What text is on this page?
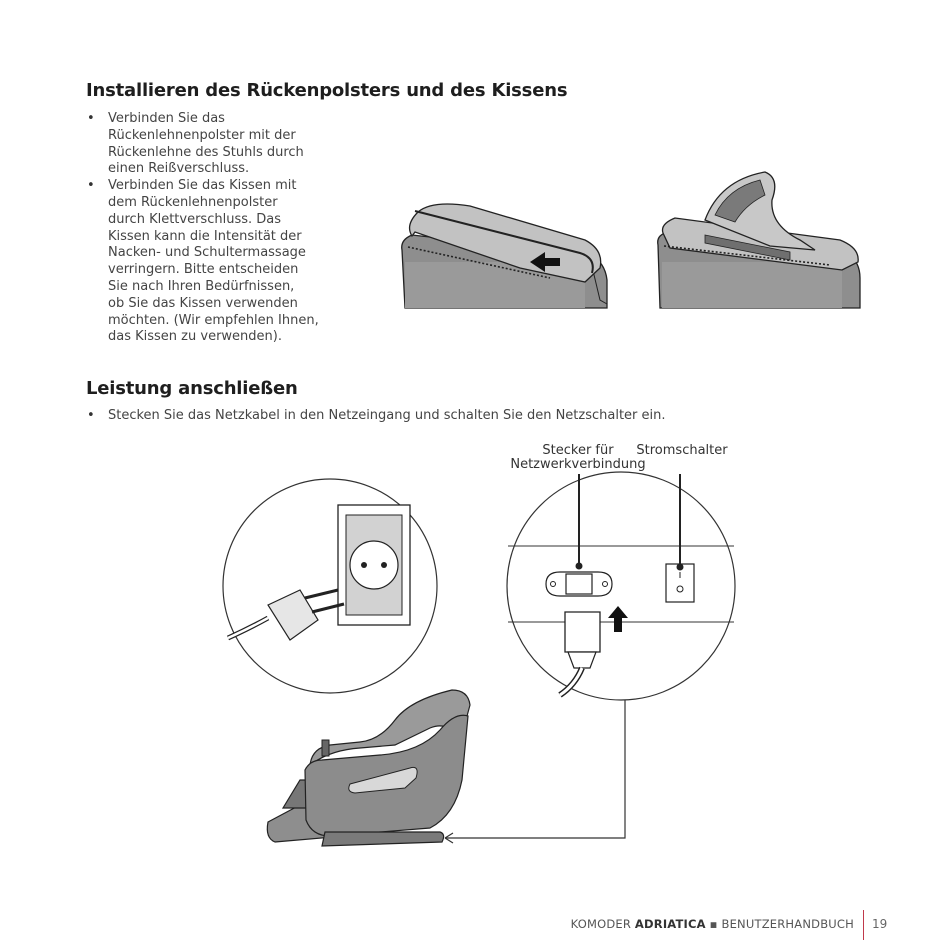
Installieren des Rückenpolsters und des Kissens
• Verbinden Sie das
Rückenlehnenpolster mit der
Rückenlehne des Stuhls durch
einen Reißverschluss.
• Verbinden Sie das Kissen mit
dem Rückenlehnenpolster
durch Klettverschluss. Das
Kissen kann die Intensität der
Nacken- und Schultermassage
verringern. Bitte entscheiden
Sie nach Ihren Bedürfnissen,
ob Sie das Kissen verwenden
möchten. (Wir empfehlen Ihnen,
das Kissen zu verwenden).
Leistung anschließen
• Stecken Sie das Netzkabel in den Netzeingang und schalten Sie den Netzschalter ein.
Stecker für
Netzwerkverbindung
Stromschalter
KOMODER ADRIATICA ▪ BENUTZERHANDBUCH 19
